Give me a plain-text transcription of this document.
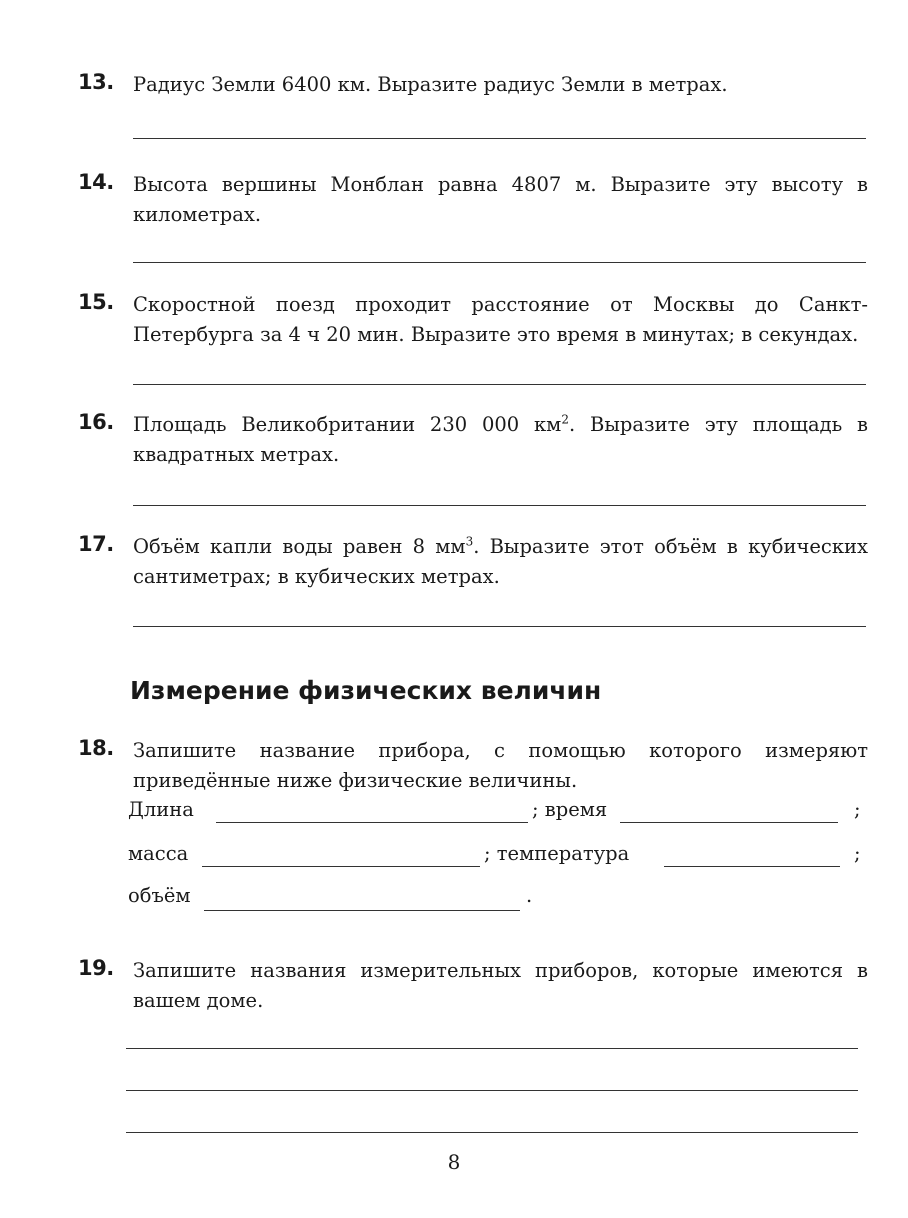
13. Радиус Земли 6400 км. Выразите радиус Земли в метрах.
14. Высота вершины Монблан равна 4807 м. Выразите эту высоту в километрах.
15. Скоростной поезд проходит расстояние от Москвы до Санкт-Петербурга за 4 ч 20 мин. Выразите это время в минутах; в секундах.
16. Площадь Великобритании 230 000 $км^2$. Выразите эту площадь в квадратных метрах.
17. Объём капли воды равен 8 $мм^3$. Выразите этот объём в кубических сантиметрах; в кубических метрах.
Измерение физических величин
18. Запишите название прибора, с помощью которого измеряют приведённые ниже физические величины.
Длина	; время	;
масса	; температура	;
объём	.
19. Запишите названия измерительных приборов, которые имеются в вашем доме.
8
